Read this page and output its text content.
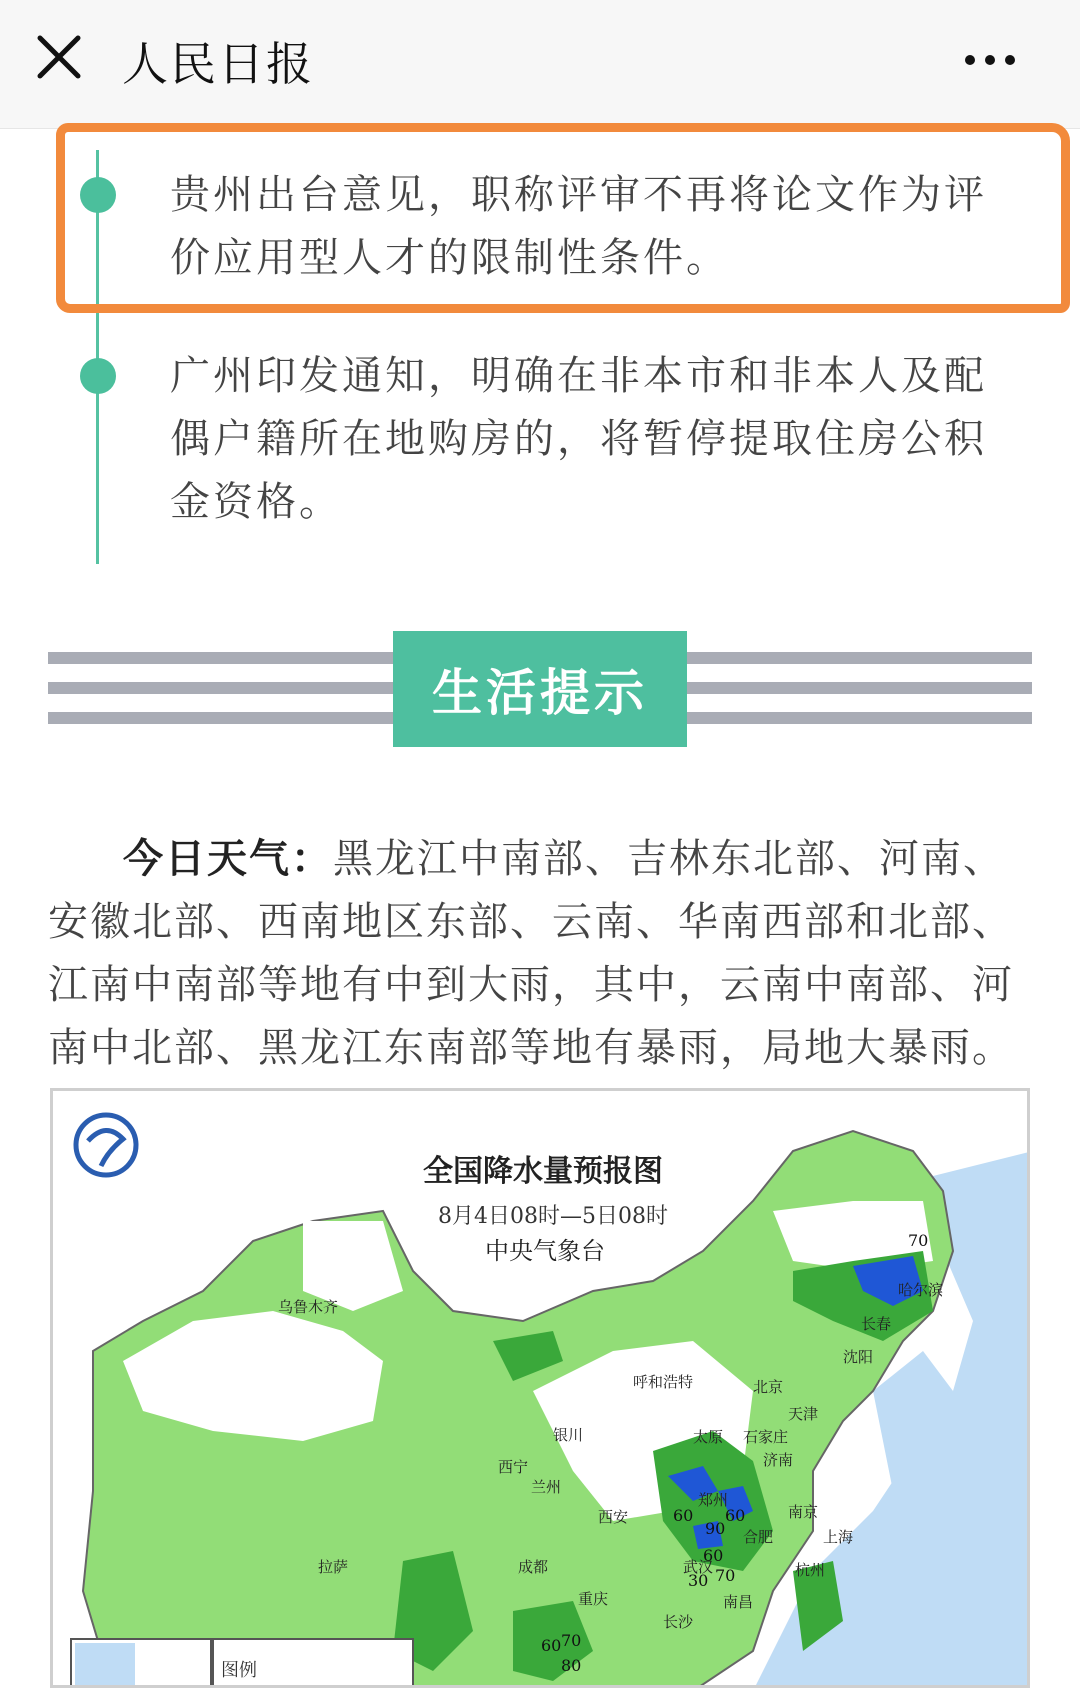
人民日报
贵州出台意见，职称评审不再将论文作为评
价应用型人才的限制性条件。
广州印发通知，明确在非本市和非本人及配
偶户籍所在地购房的，将暂停提取住房公积
金资格。
生活提示
今日天气：黑龙江中南部、吉林东北部、河南、安徽北部、西南地区东部、云南、华南西部和北部、江南中南部等地有中到大雨，其中，云南中南部、河南中北部、黑龙江东南部等地有暴雨，局地大暴雨。
全国降水量预报图
8月4日08时—5日08时
中央气象台
图例
乌鲁木齐
呼和浩特	北京
天津
石家庄
太原
银川
西宁
兰州
西安
郑州
济南
南京
合肥	上海
杭州
武汉
长沙
南昌
成都
重庆
拉萨
沈阳
长春
哈尔滨
70
60
90
60
60
70
30
60 70
80
